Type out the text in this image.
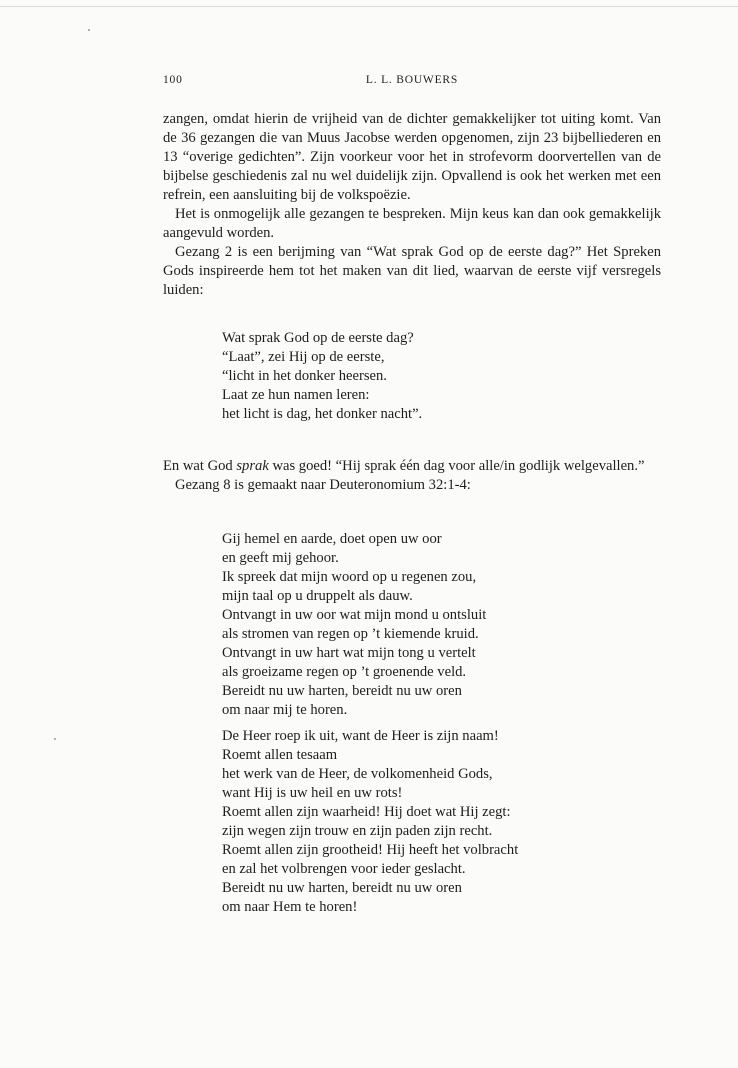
100	L. L. BOUWERS

zangen, omdat hierin de vrijheid van de dichter gemakkelijker tot uiting komt. Van de 36 gezangen die van Muus Jacobse werden opgenomen, zijn 23 bijbelliederen en 13 “overige gedichten”. Zijn voorkeur voor het in strofevorm doorvertellen van de bijbelse geschiedenis zal nu wel duidelijk zijn. Opvallend is ook het werken met een refrein, een aansluiting bij de volkspoëzie.

Het is onmogelijk alle gezangen te bespreken. Mijn keus kan dan ook gemakkelijk aangevuld worden.

Gezang 2 is een berijming van “Wat sprak God op de eerste dag?” Het Spreken Gods inspireerde hem tot het maken van dit lied, waarvan de eerste vijf versregels luiden:

Wat sprak God op de eerste dag?
“Laat”, zei Hij op de eerste,
“licht in het donker heersen.
Laat ze hun namen leren:
het licht is dag, het donker nacht”.

En wat God sprak was goed! “Hij sprak één dag voor alle/in godlijk welgevallen.”

Gezang 8 is gemaakt naar Deuteronomium 32:1-4:

Gij hemel en aarde, doet open uw oor
en geeft mij gehoor.
Ik spreek dat mijn woord op u regenen zou,
mijn taal op u druppelt als dauw.
Ontvangt in uw oor wat mijn mond u ontsluit
als stromen van regen op ’t kiemende kruid.
Ontvangt in uw hart wat mijn tong u vertelt
als groeizame regen op ’t groenende veld.
Bereidt nu uw harten, bereidt nu uw oren
om naar mij te horen.
De Heer roep ik uit, want de Heer is zijn naam!
Roemt allen tesaam
het werk van de Heer, de volkomenheid Gods,
want Hij is uw heil en uw rots!
Roemt allen zijn waarheid! Hij doet wat Hij zegt:
zijn wegen zijn trouw en zijn paden zijn recht.
Roemt allen zijn grootheid! Hij heeft het volbracht
en zal het volbrengen voor ieder geslacht.
Bereidt nu uw harten, bereidt nu uw oren
om naar Hem te horen!
